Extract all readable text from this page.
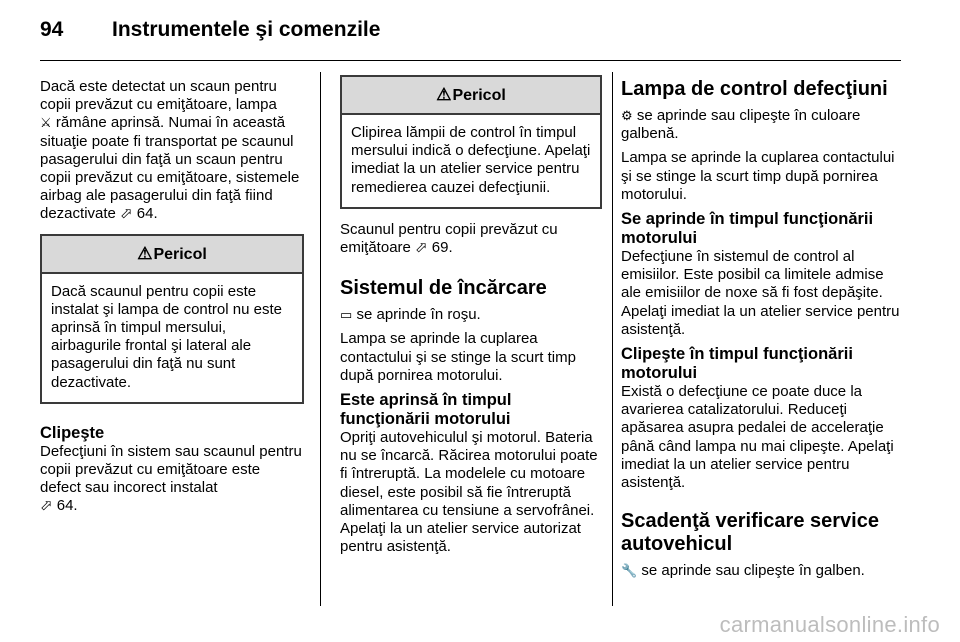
94 Instrumentele şi comenzile

Dacă este detectat un scaun pentru copii prevăzut cu emiţătoare, lampa
⚔ rămâne aprinsă. Numai în această situaţie poate fi transportat pe scaunul pasagerului din faţă un scaun pentru copii prevăzut cu emiţătoare, sistemele airbag ale pasagerului din faţă fiind dezactivate ⬀ 64.

⚠Pericol
Dacă scaunul pentru copii este instalat şi lampa de control nu este aprinsă în timpul mersului, airbagurile frontal şi lateral ale pasagerului din faţă nu sunt dezactivate.

Clipeşte

Defecţiuni în sistem sau scaunul pentru copii prevăzut cu emiţătoare este defect sau incorect instalat
⬀ 64.

⚠Pericol
Clipirea lămpii de control în timpul mersului indică o defecţiune. Apelaţi imediat la un atelier service pentru remedierea cauzei defecţiunii.

Scaunul pentru copii prevăzut cu emiţătoare ⬀ 69.

Sistemul de încărcare

▭ se aprinde în roşu.

Lampa se aprinde la cuplarea contactului şi se stinge la scurt timp după pornirea motorului.

Este aprinsă în timpul funcţionării motorului

Opriţi autovehiculul şi motorul. Bateria nu se încarcă. Răcirea motorului poate fi întreruptă. La modelele cu motoare diesel, este posibil să fie întreruptă alimentarea cu tensiune a servofrânei. Apelaţi la un atelier service autorizat pentru asistenţă.

Lampa de control defecţiuni

⚙ se aprinde sau clipeşte în culoare galbenă.

Lampa se aprinde la cuplarea contactului şi se stinge la scurt timp după pornirea motorului.

Se aprinde în timpul funcţionării motorului

Defecţiune în sistemul de control al emisiilor. Este posibil ca limitele admise ale emisiilor de noxe să fi fost depăşite. Apelaţi imediat la un atelier service pentru asistenţă.

Clipeşte în timpul funcţionării motorului

Există o defecţiune ce poate duce la avarierea catalizatorului. Reduceţi apăsarea asupra pedalei de acceleraţie până când lampa nu mai clipeşte. Apelaţi imediat la un atelier service pentru asistenţă.

Scadenţă verificare service autovehicul

🔧 se aprinde sau clipeşte în galben.

carmanualsonline.info
